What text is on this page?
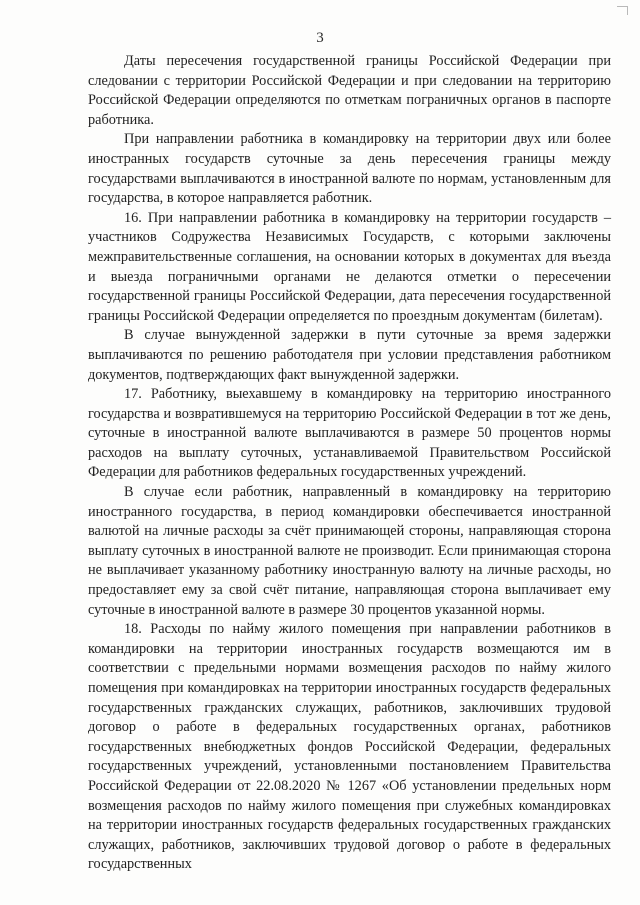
3

Даты пересечения государственной границы Российской Федерации при следовании с территории Российской Федерации и при следовании на территорию Российской Федерации определяются по отметкам пограничных органов в паспорте работника.

При направлении работника в командировку на территории двух или более иностранных государств суточные за день пересечения границы между государствами выплачиваются в иностранной валюте по нормам, установленным для государства, в которое направляется работник.

16. При направлении работника в командировку на территории государств – участников Содружества Независимых Государств, с которыми заключены межправительственные соглашения, на основании которых в документах для въезда и выезда пограничными органами не делаются отметки о пересечении государственной границы Российской Федерации, дата пересечения государственной границы Российской Федерации определяется по проездным документам (билетам).

В случае вынужденной задержки в пути суточные за время задержки выплачиваются по решению работодателя при условии представления работником документов, подтверждающих факт вынужденной задержки.

17. Работнику, выехавшему в командировку на территорию иностранного государства и возвратившемуся на территорию Российской Федерации в тот же день, суточные в иностранной валюте выплачиваются в размере 50 процентов нормы расходов на выплату суточных, устанавливаемой Правительством Российской Федерации для работников федеральных государственных учреждений.

В случае если работник, направленный в командировку на территорию иностранного государства, в период командировки обеспечивается иностранной валютой на личные расходы за счёт принимающей стороны, направляющая сторона выплату суточных в иностранной валюте не производит. Если принимающая сторона не выплачивает указанному работнику иностранную валюту на личные расходы, но предоставляет ему за свой счёт питание, направляющая сторона выплачивает ему суточные в иностранной валюте в размере 30 процентов указанной нормы.

18. Расходы по найму жилого помещения при направлении работников в командировки на территории иностранных государств возмещаются им в соответствии с предельными нормами возмещения расходов по найму жилого помещения при командировках на территории иностранных государств федеральных государственных гражданских служащих, работников, заключивших трудовой договор о работе в федеральных государственных органах, работников государственных внебюджетных фондов Российской Федерации, федеральных государственных учреждений, установленными постановлением Правительства Российской Федерации от 22.08.2020 № 1267 «Об установлении предельных норм возмещения расходов по найму жилого помещения при служебных командировках на территории иностранных государств федеральных государственных гражданских служащих, работников, заключивших трудовой договор о работе в федеральных государственных
